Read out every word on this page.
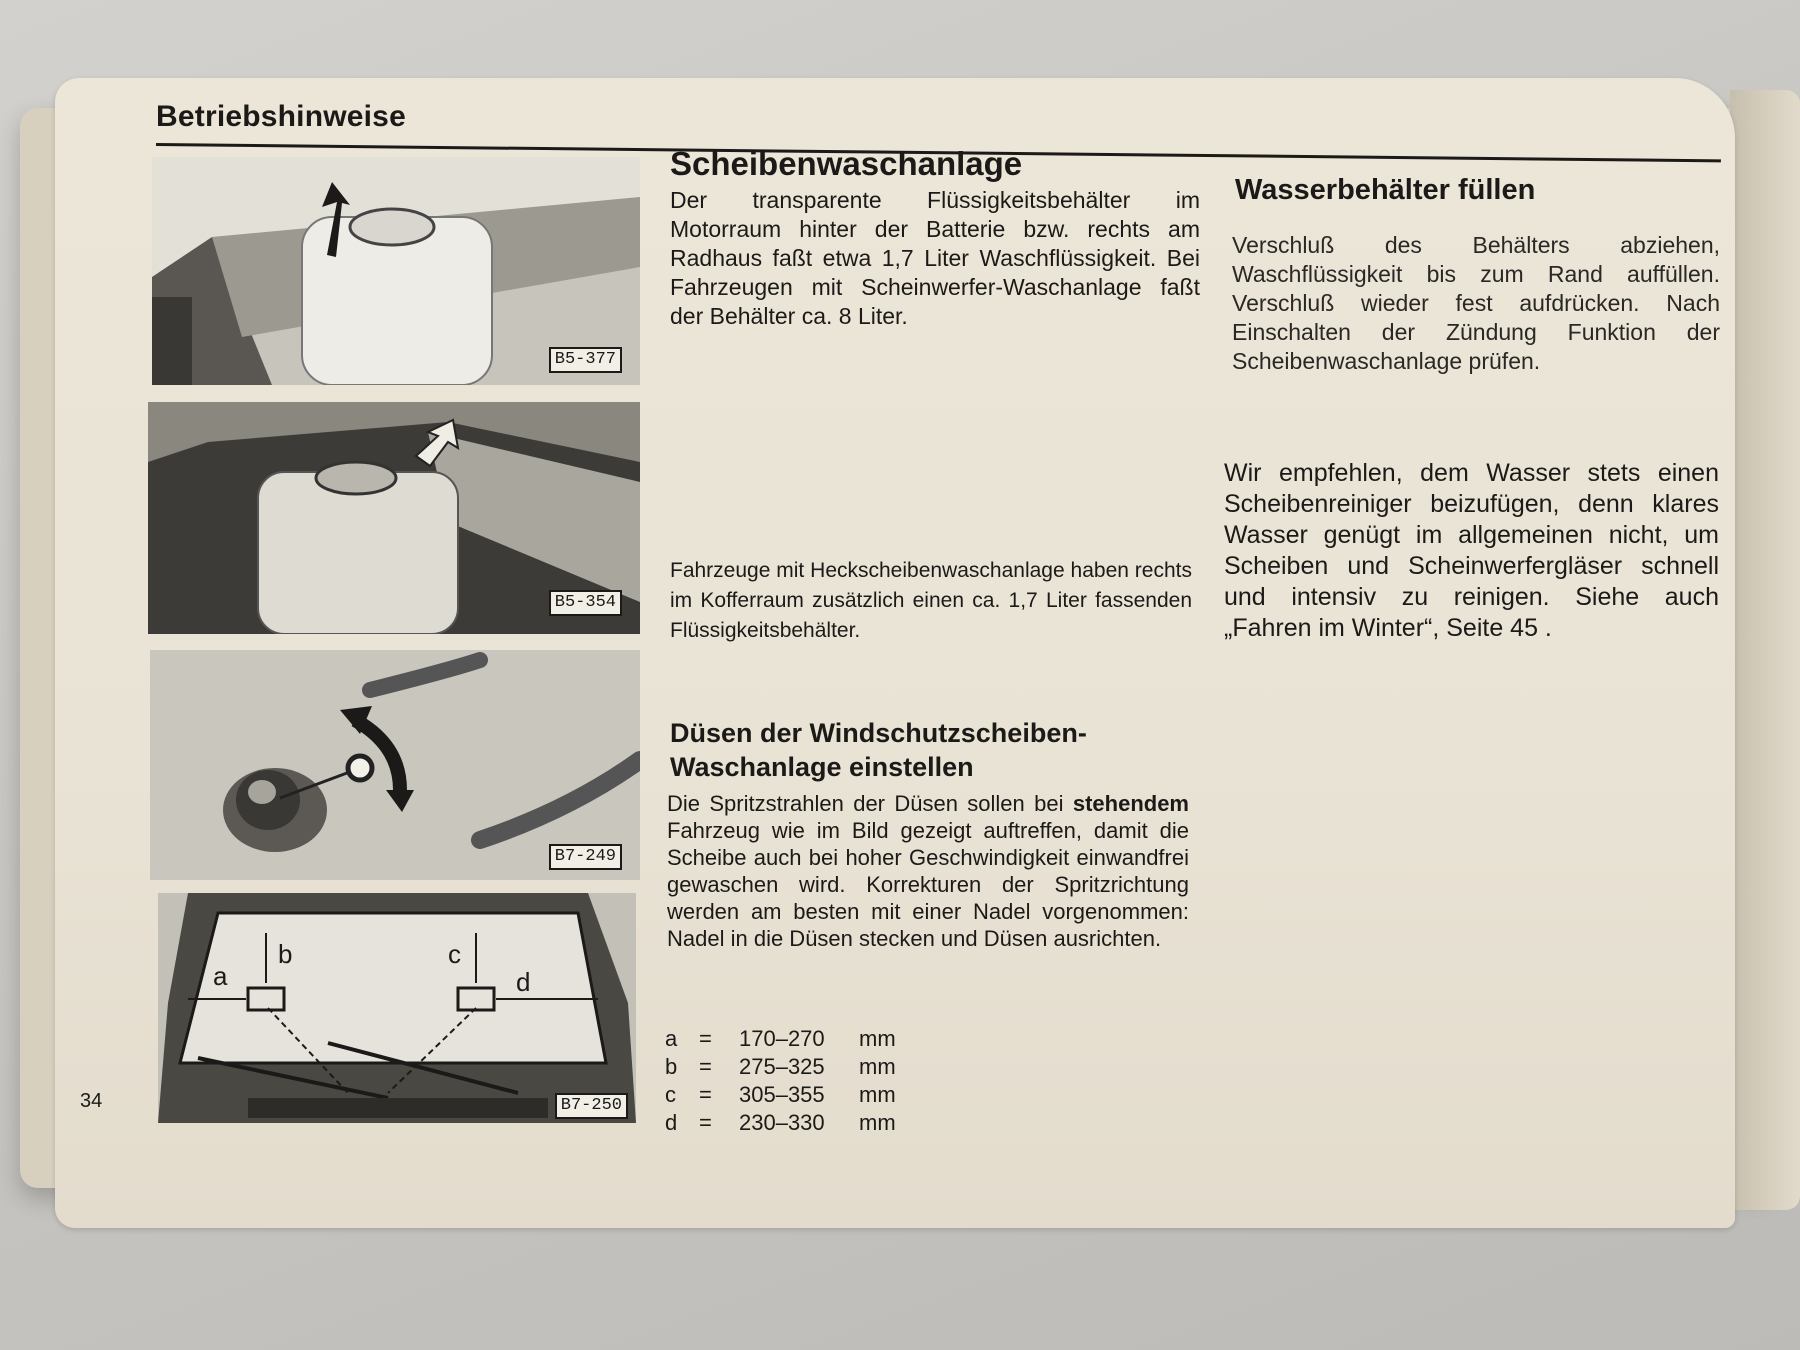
Betriebshinweise
B5-377
B5-354
B7-249
a
b	c
d
B7-250
34
Scheibenwaschanlage

Der transparente Flüssigkeitsbehälter im Motorraum hinter der Batterie bzw. rechts am Radhaus faßt etwa 1,7 Liter Waschflüssigkeit. Bei Fahrzeugen mit Scheinwerfer-Waschanlage faßt der Behälter ca. 8 Liter.

Fahrzeuge mit Heckscheibenwaschanlage haben rechts im Kofferraum zusätzlich einen ca. 1,7 Liter fassenden Flüssigkeitsbehälter.

Düsen der Windschutzscheiben-Waschanlage einstellen

Die Spritzstrahlen der Düsen sollen bei stehendem Fahrzeug wie im Bild gezeigt auftreffen, damit die Scheibe auch bei hoher Geschwindigkeit einwandfrei gewaschen wird. Korrekturen der Spritzrichtung werden am besten mit einer Nadel vorgenommen: Nadel in die Düsen stecken und Düsen ausrichten.

a =	170–270	mm
b =	275–325	mm
c	=	305–355	mm
d =	230–330	mm
Wasserbehälter füllen

Verschluß des Behälters abziehen, Waschflüssigkeit bis zum Rand auffüllen. Verschluß wieder fest aufdrücken. Nach Einschalten der Zündung Funktion der Scheibenwaschanlage prüfen.

Wir empfehlen, dem Wasser stets einen Scheibenreiniger beizufügen, denn klares Wasser genügt im allgemeinen nicht, um Scheiben und Scheinwerfergläser schnell und intensiv zu reinigen. Siehe auch „Fahren im Winter“, Seite 45 .
